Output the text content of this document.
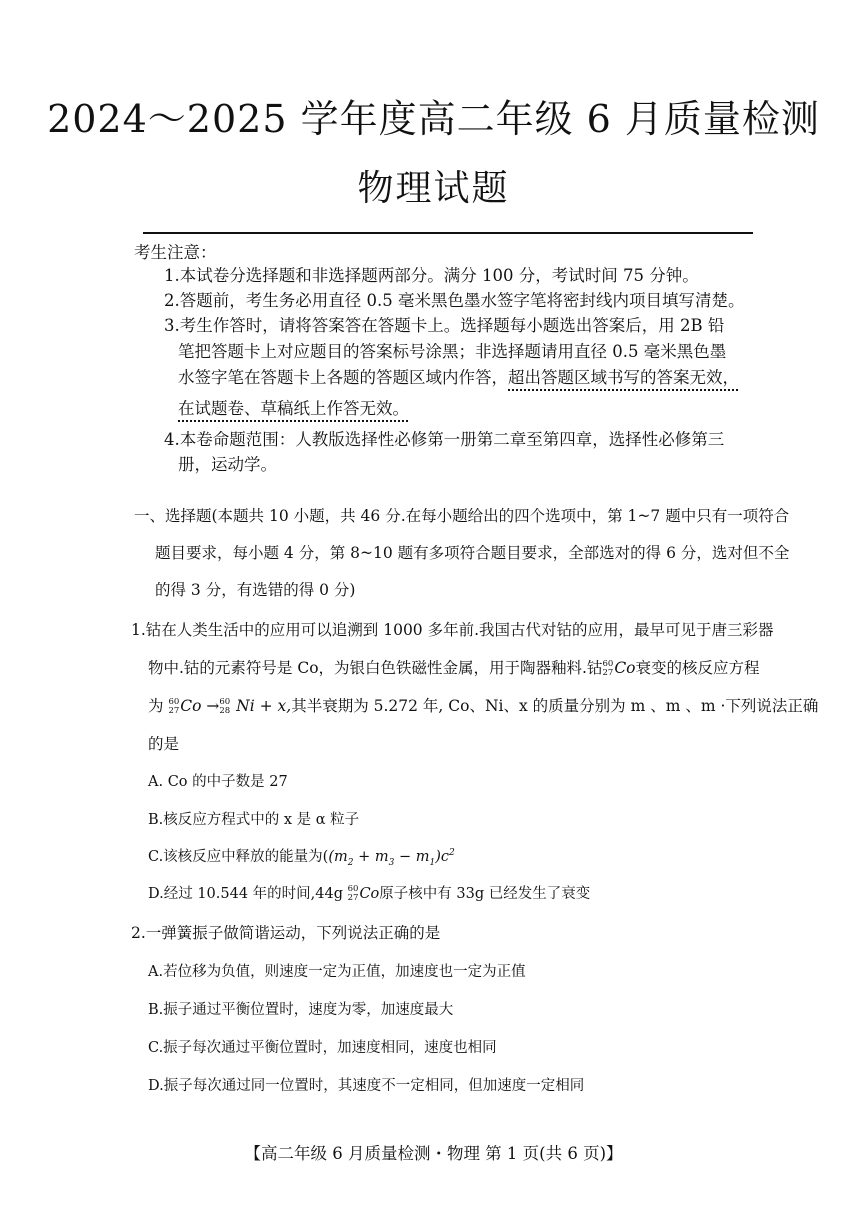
2024～2025 学年度高二年级 6 月质量检测
物理试题
考生注意：
1.本试卷分选择题和非选择题两部分。满分 100 分，考试时间 75 分钟。
2.答题前，考生务必用直径 0.5 毫米黑色墨水签字笔将密封线内项目填写清楚。
3.考生作答时，请将答案答在答题卡上。选择题每小题选出答案后，用 2B 铅
笔把答题卡上对应题目的答案标号涂黑；非选择题请用直径 0.5 毫米黑色墨
水签字笔在答题卡上各题的答题区域内作答，超出答题区域书写的答案无效，
在试题卷、草稿纸上作答无效。
4.本卷命题范围：人教版选择性必修第一册第二章至第四章，选择性必修第三
册，运动学。
一、选择题(本题共 10 小题，共 46 分.在每小题给出的四个选项中，第 1~7 题中只有一项符合
题目要求，每小题 4 分，第 8~10 题有多项符合题目要求，全部选对的得 6 分，选对但不全
的得 3 分，有选错的得 0 分)
1.钴在人类生活中的应用可以追溯到 1000 多年前.我国古代对钴的应用，最早可见于唐三彩器
物中.钴的元素符号是 Co，为银白色铁磁性金属，用于陶器釉料.钴 60
27 Co衰变的核反应方程
为 60
27 Co → 60
28 Ni + x,其半衰期为 5.272 年, Co、Ni、x 的质量分别为 m 、m 、m ·下列说法正确
的是
A. Co 的中子数是 27
B.核反应方程式中的 x 是 α 粒子
C.该核反应中释放的能量为($(m_2 + m_3 - m_1)c^2$
D.经过 10.544 年的时间,44g 60
27 Co原子核中有 33g 已经发生了衰变
2.一弹簧振子做简谐运动，下列说法正确的是
A.若位移为负值，则速度一定为正值，加速度也一定为正值
B.振子通过平衡位置时，速度为零，加速度最大
C.振子每次通过平衡位置时，加速度相同，速度也相同
D.振子每次通过同一位置时，其速度不一定相同，但加速度一定相同
【高二年级 6 月质量检测・物理 第 1 页(共 6 页)】
